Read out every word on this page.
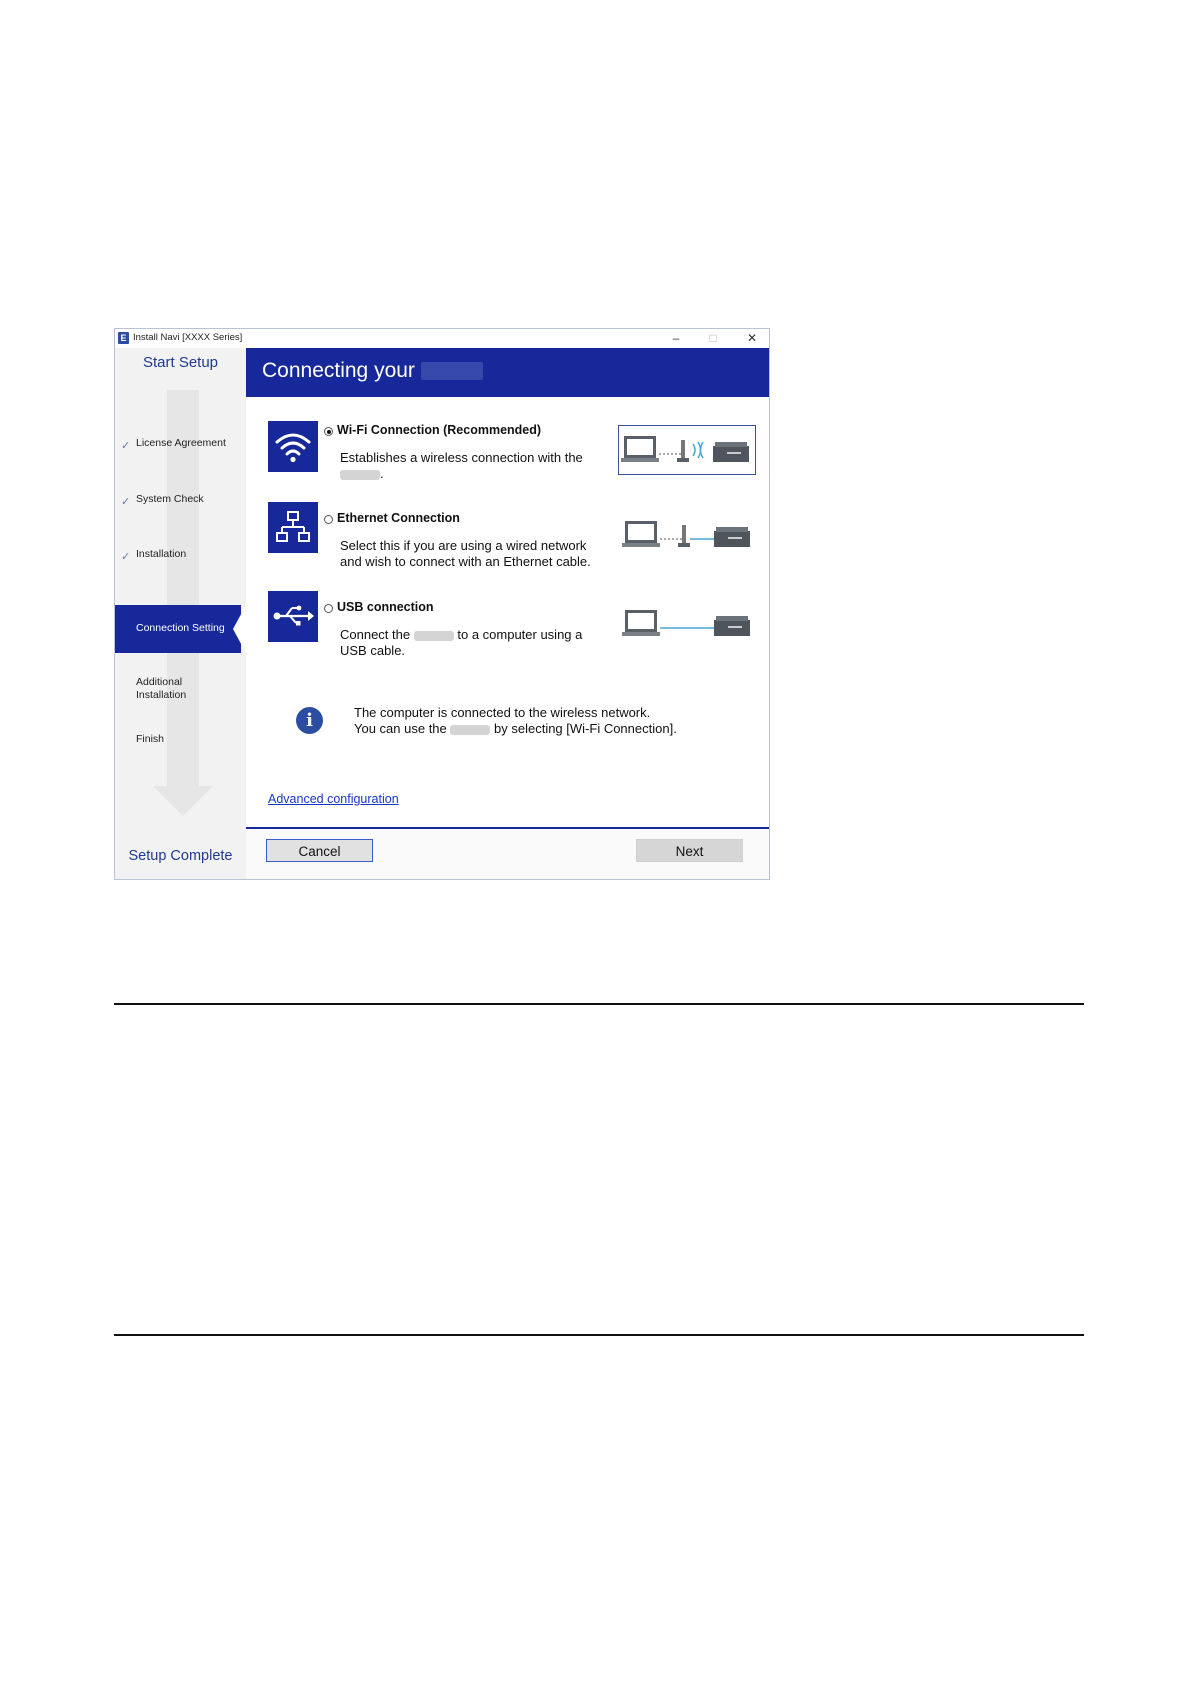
E Install Navi [XXXX Series]	–	□	✕
Start Setup
✓ License Agreement
✓ System Check
✓ Installation
Connection Setting
Additional
Installation
Finish
Setup Complete
Connecting your
Wi-Fi Connection (Recommended)
Establishes a wireless connection with the
.
Ethernet Connection
Select this if you are using a wired network
and wish to connect with an Ethernet cable.
USB connection
Connect the	to a computer using a
USB cable.
i	The computer is connected to the wireless network.
You can use the	by selecting [Wi-Fi Connection].
Advanced configuration
Cancel	Next
